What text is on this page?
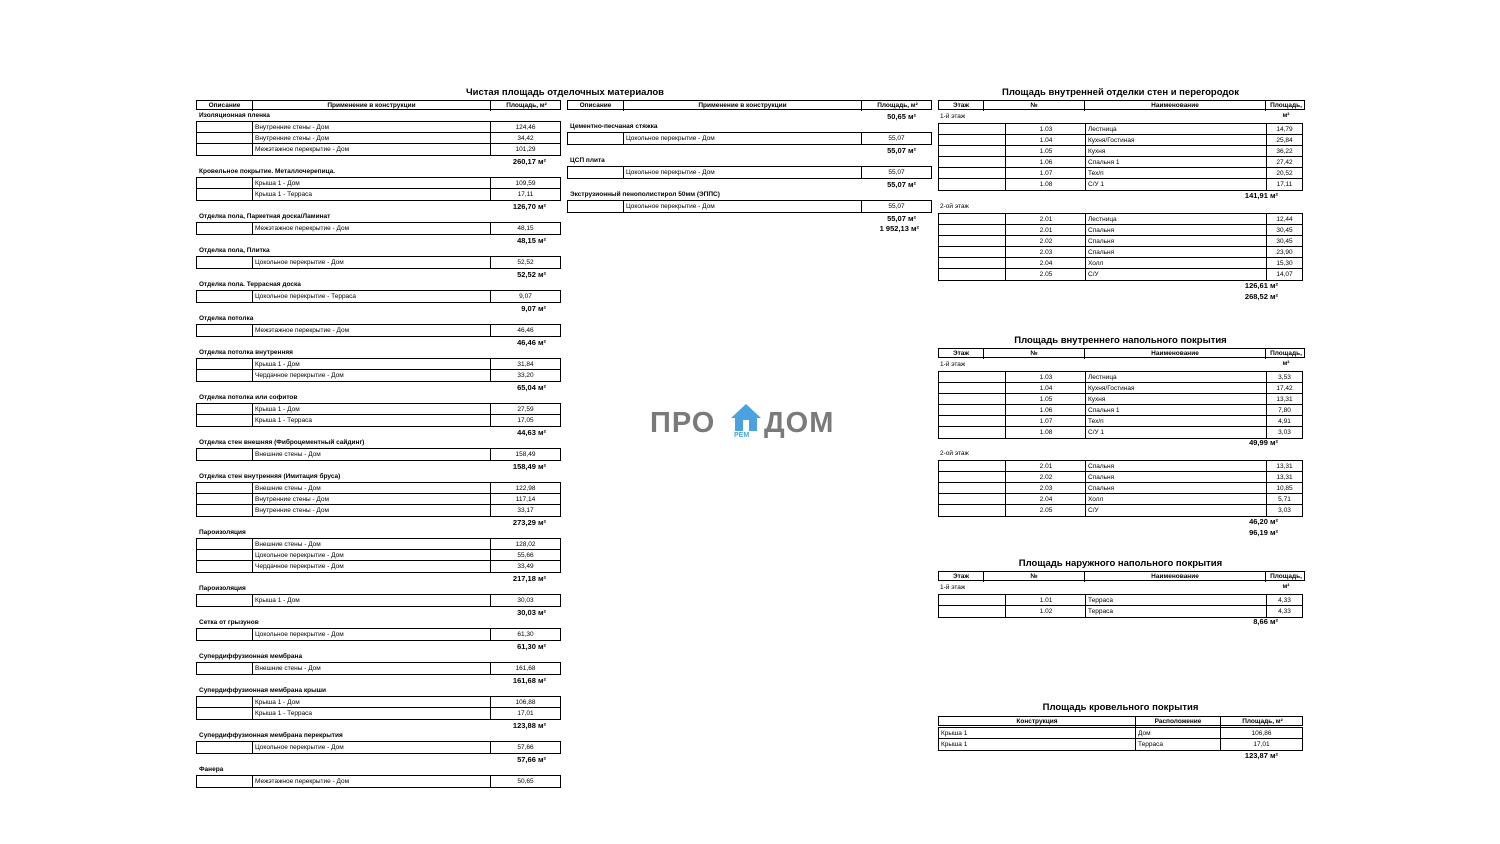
Чистая площадь отделочных материалов
Описание	Применение в конструкции	Площадь, м²
Изоляционная пленка
Внутренние стены - Дом	124,46
Внутренние стены - Дом	34,42
Межэтажное перекрытие - Дом	101,29
260,17 м²
Кровельное покрытие. Металлочерепица.
Крыша 1 - Дом	109,59
Крыша 1 - Терраса	17,11
126,70 м²
Отделка пола, Паркетная доска/Ламинат
Межэтажное перекрытие - Дом	48,15
48,15 м²
Отделка пола, Плитка
Цокольное перекрытие - Дом	52,52
52,52 м²
Отделка пола. Террасная доска
Цокольное перекрытие - Терраса	9,07
9,07 м²
Отделка потолка
Межэтажное перекрытие - Дом	46,46
46,46 м²
Отделка потолка внутренняя
Крыша 1 - Дом	31,84
Чердачное перекрытие - Дом	33,20
65,04 м²
Отделка потолка или софитов
Крыша 1 - Дом	27,59
Крыша 1 - Терраса	17,05
44,63 м²
Отделка стен внешняя (Фиброцементный сайдинг)
Внешние стены - Дом	158,49
158,49 м²
Отделка стен внутренняя (Имитация бруса)
Внешние стены - Дом	122,98
Внутренние стены - Дом	117,14
Внутренние стены - Дом	33,17
273,29 м²
Пароизоляция
Внешние стены - Дом	128,02
Цокольное перекрытие - Дом	55,66
Чердачное перекрытие - Дом	33,49
217,18 м²
Пароизоляция
Крыша 1 - Дом	30,03
30,03 м²
Сетка от грызунов
Цокольное перекрытие - Дом	61,30
61,30 м²
Супердиффузионная мембрана
Внешние стены - Дом	161,68
161,68 м²
Супердиффузионная мембрана крыши
Крыша 1 - Дом	106,88
Крыша 1 - Терраса	17,01
123,88 м²
Супердиффузионная мембрана перекрытия
Цокольное перекрытие - Дом	57,66
57,66 м²
Фанера
Межэтажное перекрытие - Дом	50,65
Описание	Применение в конструкции	Площадь, м²
50,65 м²
Цементно-песчаная стяжка
Цокольное перекрытие - Дом	55,07
55,07 м²
ЦСП плита
Цокольное перекрытие - Дом	55,07
55,07 м²
Экструзионный пенополистирол 50мм (ЭППС)
Цокольное перекрытие - Дом	55,07
55,07 м²
1 952,13 м²
Площадь внутренней отделки стен и перегородок
Этаж	№	Наименование	Площадь, м²
1-й этаж
1.03	Лестница	14,79
1.04	Кухня/Гостиная	25,84
1.05	Кухня	36,22
1.06	Спальня 1	27,42
1.07	Тех/п	20,52
1.08	С/У 1	17,11
141,91 м²
2-ой этаж
2.01	Лестница	12,44
2.01	Спальня	30,45
2.02	Спальня	30,45
2.03	Спальня	23,90
2.04	Холл	15,30
2.05	С/У	14,07
126,61 м²
268,52 м²
Площадь внутреннего напольного покрытия
Этаж	№	Наименование	Площадь, м²
1-й этаж
1.03	Лестница	3,53
1.04	Кухня/Гостиная	17,42
1.05	Кухня	13,31
1.06	Спальня 1	7,80
1.07	Тех/п	4,91
1.08	С/У 1	3,03
49,99 м²
2-ой этаж
2.01	Спальня	13,31
2.02	Спальня	13,31
2.03	Спальня	10,85
2.04	Холл	5,71
2.05	С/У	3,03
46,20 м²
96,19 м²
Площадь наружного напольного покрытия
Этаж	№	Наименование	Площадь, м²
1-й этаж
1.01	Терраса	4,33
1.02	Терраса	4,33
8,66 м²
Площадь кровельного покрытия
Конструкция	Расположение	Площадь, м²
Крыша 1	Дом	106,86
Крыша 1	Терраса	17,01
123,87 м²
ПРО	РЕМ ДОМ
